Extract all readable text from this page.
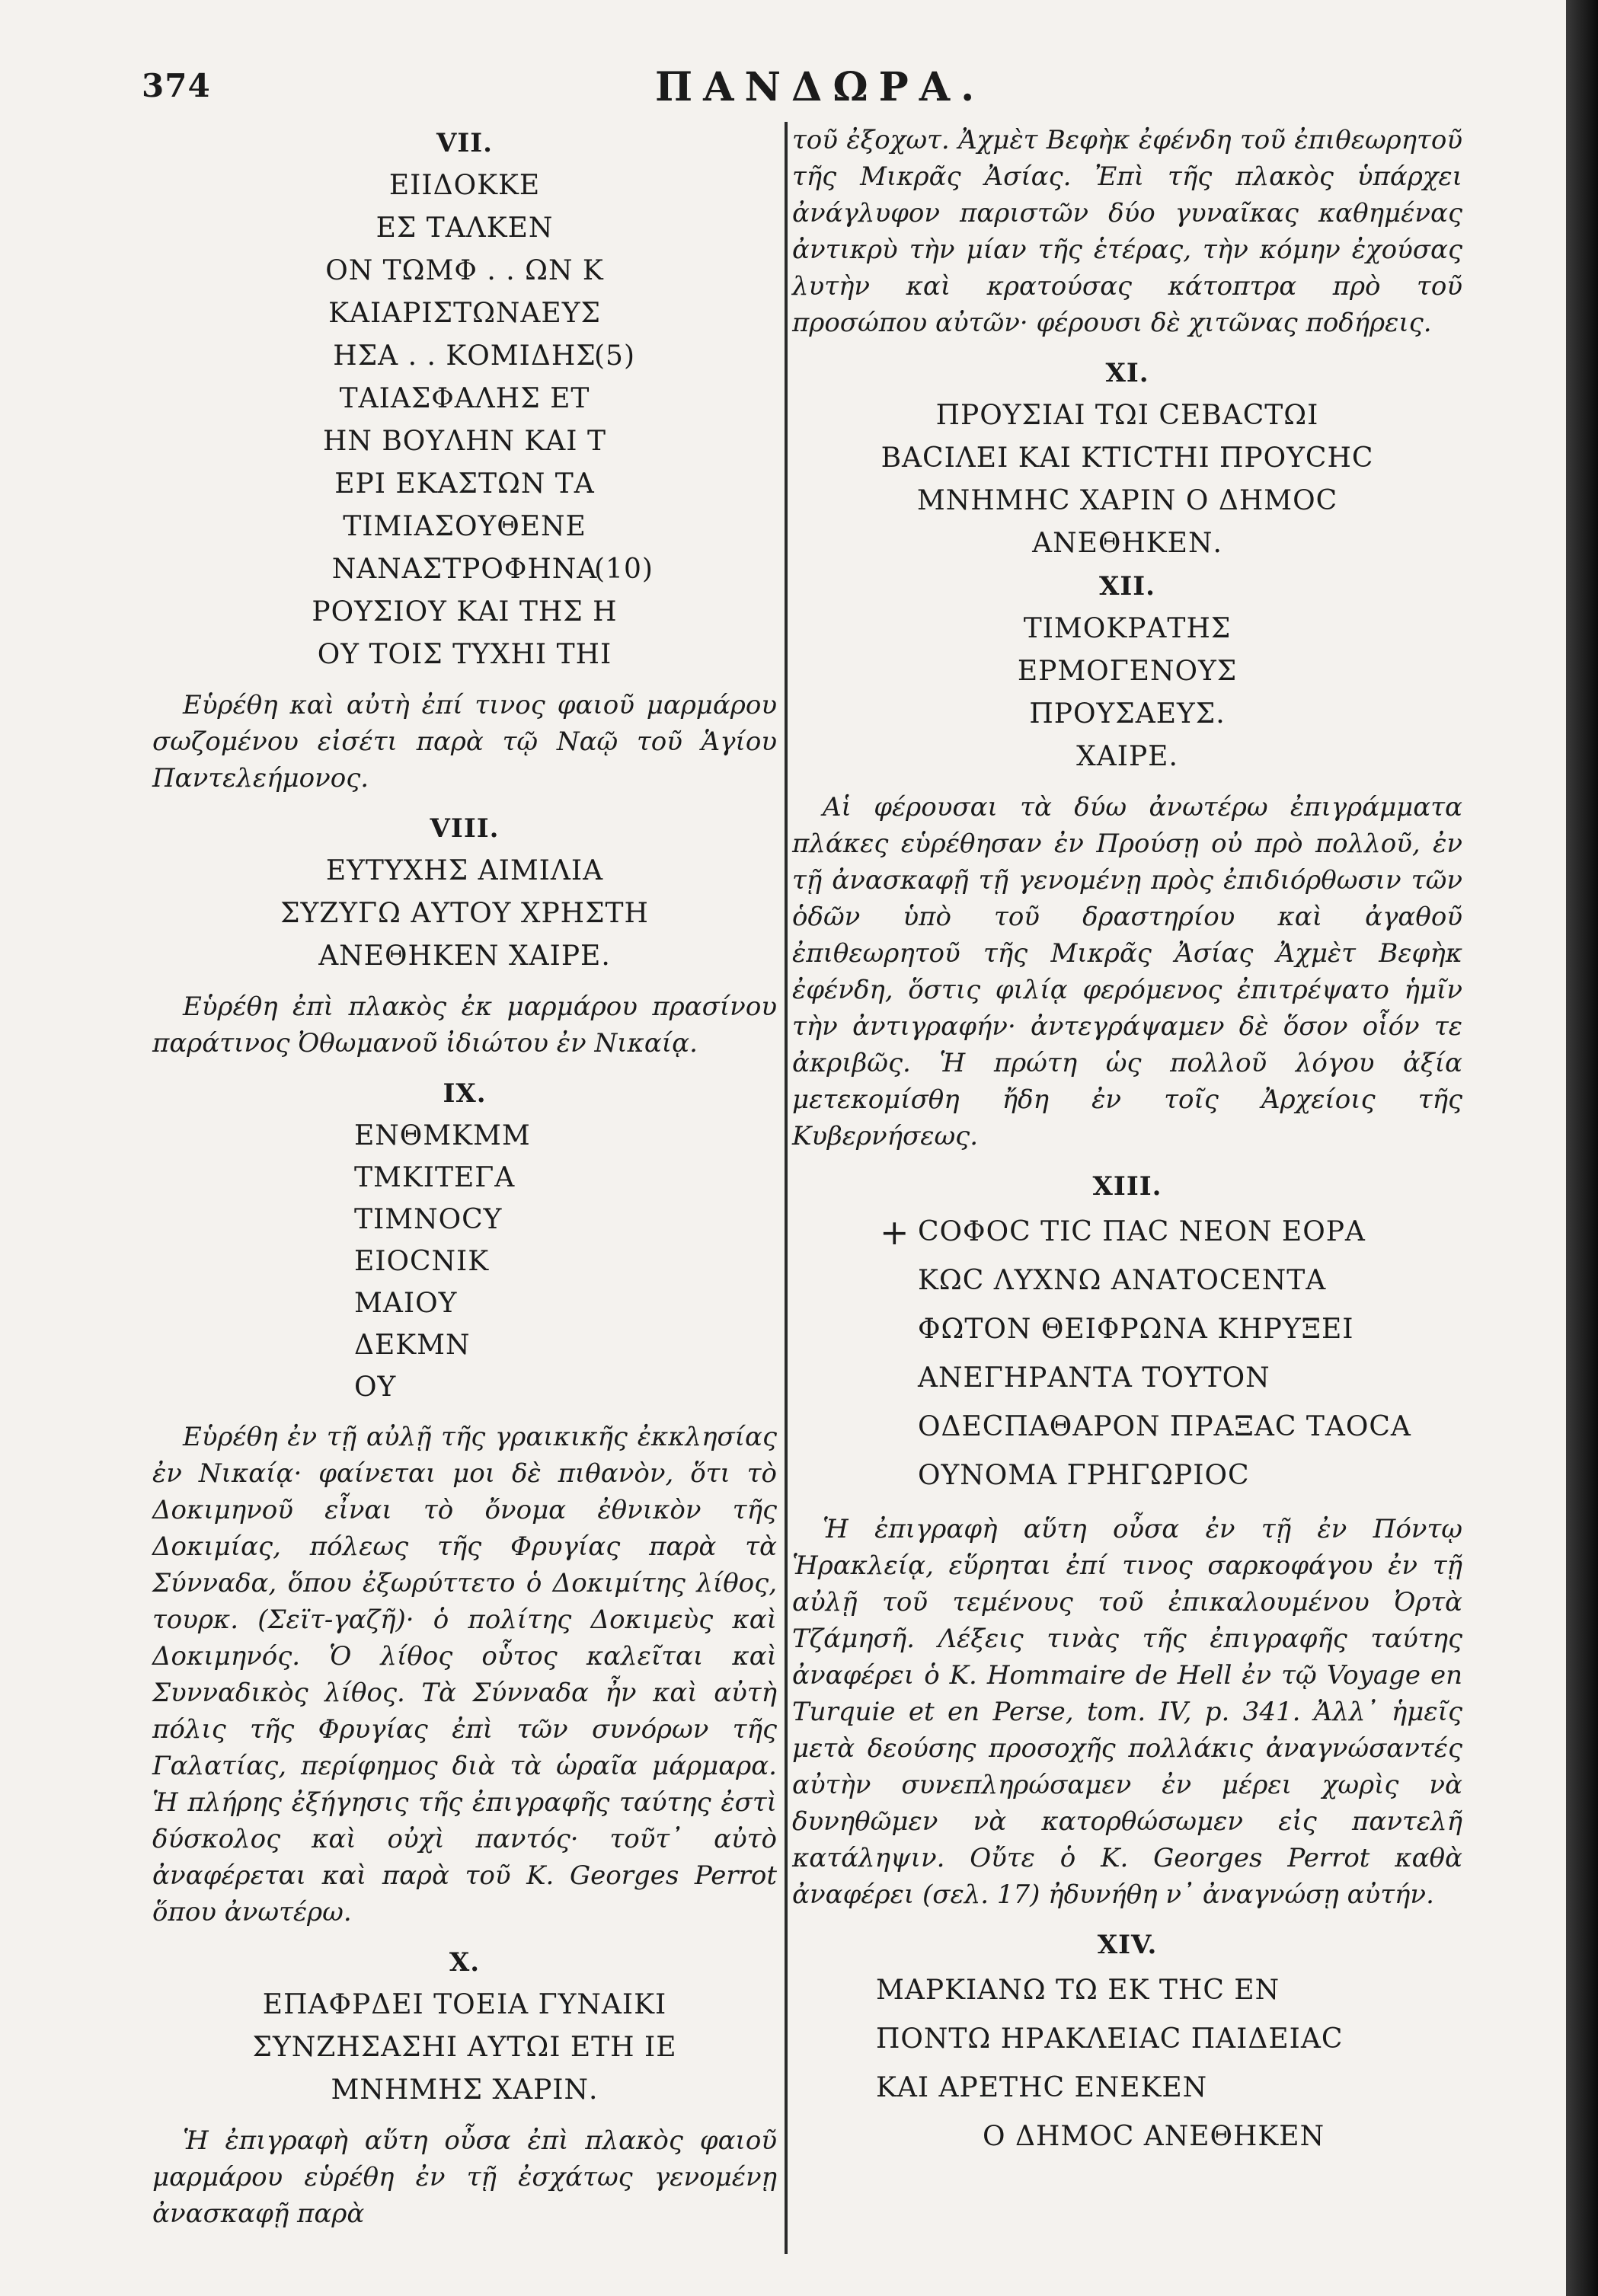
374	ΠΑΝΔΩΡΑ.
VII.
ΕΙΙΔΟΚΚΕ
ΕΣ ΤΑΛΚΕΝ
ΟΝ ΤΩΜΦ . . ΩΝ Κ
ΚΑΙΑΡΙΣΤΩΝΑΕΥΣ
ΗΣΑ . . ΚΟΜΙΔΗΣ
(5)
ΤΑΙΑΣΦΑΛΗΣ ΕΤ
ΗΝ ΒΟΥΛΗΝ ΚΑΙ Τ
ΕΡΙ ΕΚΑΣΤΩΝ ΤΑ
ΤΙΜΙΑΣΟΥΘΕΝΕ
ΝΑΝΑΣΤΡΟΦΗΝΑ
(10)
ΡΟΥΣΙΟΥ ΚΑΙ ΤΗΣ Η
ΟΥ ΤΟΙΣ ΤΥΧΗΙ ΤΗΙ
Εὑρέθη καὶ αὐτὴ ἐπί τινος φαιοῦ μαρμάρου σωζομένου εἰσέτι παρὰ τῷ Ναῷ τοῦ Ἁγίου Παντελεήμονος.
VIII.
ΕΥΤΥΧΗΣ ΑΙΜΙΛΙΑ
ΣΥΖΥΓΩ ΑΥΤΟΥ ΧΡΗΣΤΗ
ΑΝΕΘΗΚΕΝ ΧΑΙΡΕ.
Εὑρέθη ἐπὶ πλακὸς ἐκ μαρμάρου πρασίνου παράτινος Ὀθωμανοῦ ἰδιώτου ἐν Νικαίᾳ.
IX.
ΕΝΘΜΚΜΜ
ΤΜΚΙΤΕΓΑ
ΤΙΜΝΟCΥ
ΕΙΟCΝΙΚ
ΜΑΙΟΥ
ΔΕΚΜΝ
ΟΥ
Εὑρέθη ἐν τῇ αὐλῇ τῆς γραικικῆς ἐκκλησίας ἐν Νικαίᾳ· φαίνεται μοι δὲ πιθανὸν, ὅτι τὸ Δοκιμηνοῦ εἶναι τὸ ὄνομα ἐθνικὸν τῆς Δοκιμίας, πόλεως τῆς Φρυγίας παρὰ τὰ Σύνναδα, ὅπου ἐξωρύττετο ὁ Δοκιμίτης λίθος, τουρκ. (Σεϊτ-γαζῆ)· ὁ πολίτης Δοκιμεὺς καὶ Δοκιμηνός. Ὁ λίθος οὗτος καλεῖται καὶ Συνναδικὸς λίθος. Τὰ Σύνναδα ἦν καὶ αὐτὴ πόλις τῆς Φρυγίας ἐπὶ τῶν συνόρων τῆς Γαλατίας, περίφημος διὰ τὰ ὡραῖα μάρμαρα. Ἡ πλήρης ἐξήγησις τῆς ἐπιγραφῆς ταύτης ἐστὶ δύσκολος καὶ οὐχὶ παντός· τοῦτ᾽ αὐτὸ ἀναφέρεται καὶ παρὰ τοῦ Κ. Georges Perrot ὅπου ἀνωτέρω.
X.
ΕΠΑΦΡΔΕΙ ΤΟΕΙΑ ΓΥΝΑΙΚΙ
ΣΥΝΖΗΣΑΣΗΙ ΑΥΤΩΙ ΕΤΗ ΙΕ
ΜΝΗΜΗΣ ΧΑΡΙΝ.
Ἡ ἐπιγραφὴ αὕτη οὖσα ἐπὶ πλακὸς φαιοῦ μαρμάρου εὑρέθη ἐν τῇ ἐσχάτως γενομένῃ ἀνασκαφῇ παρὰ
τοῦ ἐξοχωτ. Ἀχμὲτ Βεφὴκ ἐφένδη τοῦ ἐπιθεωρητοῦ τῆς Μικρᾶς Ἀσίας. Ἐπὶ τῆς πλακὸς ὑπάρχει ἀνάγλυφον παριστῶν δύο γυναῖκας καθημένας ἀντικρὺ τὴν μίαν τῆς ἑτέρας, τὴν κόμην ἐχούσας λυτὴν καὶ κρατούσας κάτοπτρα πρὸ τοῦ προσώπου αὐτῶν· φέρουσι δὲ χιτῶνας ποδήρεις.
XI.
ΠΡΟΥΣΙΑΙ ΤΩΙ CΕΒΑCΤΩΙ
ΒΑCΙΛΕΙ ΚΑΙ ΚΤΙCΤΗΙ ΠΡΟΥCΗC
ΜΝΗΜΗC ΧΑΡΙΝ Ο ΔΗΜΟC
ΑΝΕΘΗΚΕΝ.
XII.
ΤΙΜΟΚΡΑΤΗΣ
ΕΡΜΟΓΕΝΟΥΣ
ΠΡΟΥΣΑΕΥΣ.
ΧΑΙΡΕ.
Αἱ φέρουσαι τὰ δύω ἀνωτέρω ἐπιγράμματα πλάκες εὑρέθησαν ἐν Προύσῃ οὐ πρὸ πολλοῦ, ἐν τῇ ἀνασκαφῇ τῇ γενομένῃ πρὸς ἐπιδιόρθωσιν τῶν ὁδῶν ὑπὸ τοῦ δραστηρίου καὶ ἀγαθοῦ ἐπιθεωρητοῦ τῆς Μικρᾶς Ἀσίας Ἀχμὲτ Βεφὴκ ἐφένδη, ὅστις φιλίᾳ φερόμενος ἐπιτρέψατο ἡμῖν τὴν ἀντιγραφήν· ἀντεγράψαμεν δὲ ὅσον οἷόν τε ἀκριβῶς. Ἡ πρώτη ὡς πολλοῦ λόγου ἀξία μετεκομίσθη ἤδη ἐν τοῖς Ἀρχείοις τῆς Κυβερνήσεως.
XIII.
+ CΟΦΟC ΤΙC ΠΑC ΝΕΟΝ ΕΟΡΑ
ΚΩC ΛΥΧΝΩ ΑΝΑΤΟCΕΝΤΑ
ΦΩΤΟΝ ΘΕΙΦΡΩΝΑ ΚΗΡΥΞΕΙ
ΑΝΕΓΗΡΑΝΤΑ ΤΟΥΤΟΝ
ΟΔΕCΠΑΘΑΡΟΝ ΠΡΑΞΑC ΤΑΟCΑ
ΟΥΝΟΜΑ ΓΡΗΓΩΡΙΟC
Ἡ ἐπιγραφὴ αὕτη οὖσα ἐν τῇ ἐν Πόντῳ Ἡρακλείᾳ, εὕρηται ἐπί τινος σαρκοφάγου ἐν τῇ αὐλῇ τοῦ τεμένους τοῦ ἐπικαλουμένου Ὀρτὰ Τζάμησῆ. Λέξεις τινὰς τῆς ἐπιγραφῆς ταύτης ἀναφέρει ὁ Κ. Hommaire de Hell ἐν τῷ Voyage en Turquie et en Perse, tom. IV, p. 341. Ἀλλ᾽ ἡμεῖς μετὰ δεούσης προσοχῆς πολλάκις ἀναγνώσαντές αὐτὴν συνεπληρώσαμεν ἐν μέρει χωρὶς νὰ δυνηθῶμεν νὰ κατορθώσωμεν εἰς παντελῆ κατάληψιν. Οὔτε ὁ Κ. Georges Perrot καθὰ ἀναφέρει (σελ. 17) ἠδυνήθη ν᾽ ἀναγνώσῃ αὐτήν.
XIV.
ΜΑΡΚΙΑΝΩ ΤΩ ΕΚ ΤΗC ΕΝ
ΠΟΝΤΩ ΗΡΑΚΛΕΙΑC ΠΑΙΔΕΙΑC
ΚΑΙ ΑΡΕΤΗC ΕΝΕΚΕΝ
Ο ΔΗΜΟC ΑΝΕΘΗΚΕΝ
